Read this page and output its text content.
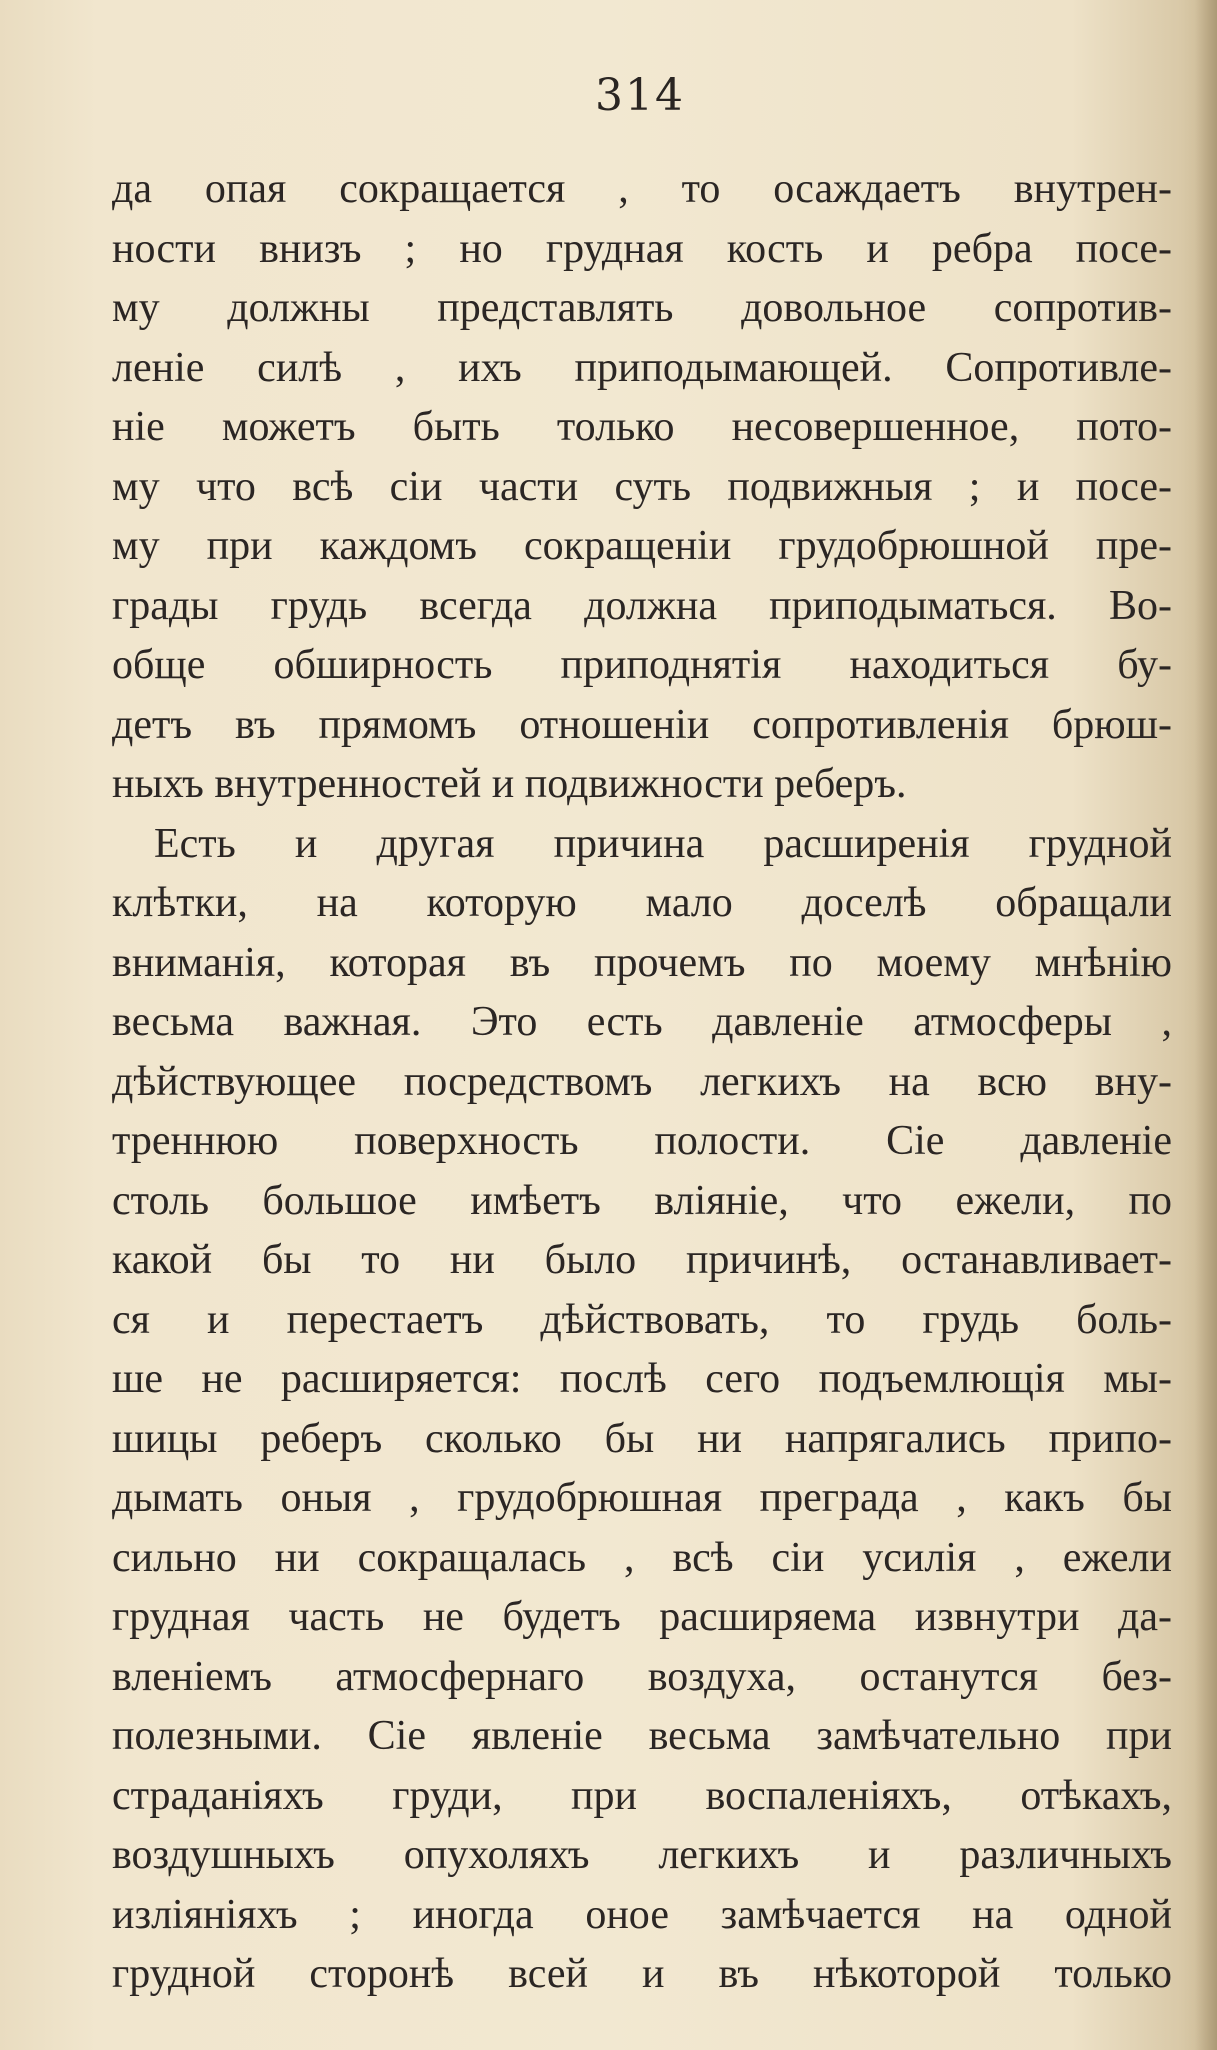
314
да опая сокращается , то осаждаетъ внутрен-
ности внизъ ; но грудная кость и ребра посе-
му должны представлять довольное сопротив-
леніе силѣ , ихъ приподымающей. Сопротивле-
ніе можетъ быть только несовершенное, пото-
му что всѣ сіи части суть подвижныя ; и посе-
му при каждомъ сокращеніи грудобрюшной пре-
грады грудь всегда должна приподыматься. Во-
обще обширность приподнятія находиться бу-
детъ въ прямомъ отношеніи сопротивленія брюш-
ныхъ внутренностей и подвижности реберъ.
Есть и другая причина расширенія грудной
клѣтки, на которую мало доселѣ обращали
вниманія, которая въ прочемъ по моему мнѣнію
весьма важная. Это есть давленіе атмосферы ,
дѣйствующее посредствомъ легкихъ на всю вну-
треннюю поверхность полости. Сіе давленіе
столь большое имѣетъ вліяніе, что ежели, по
какой бы то ни было причинѣ, останавливает-
ся и перестаетъ дѣйствовать, то грудь боль-
ше не расширяется: послѣ сего подъемлющія мы-
шицы реберъ сколько бы ни напрягались припо-
дымать оныя , грудобрюшная преграда , какъ бы
сильно ни сокращалась , всѣ сіи усилія , ежели
грудная часть не будетъ расширяема извнутри да-
вленіемъ атмосфернаго воздуха, останутся без-
полезными. Сіе явленіе весьма замѣчательно при
страданіяхъ груди, при воспаленіяхъ, отѣкахъ,
воздушныхъ опухоляхъ легкихъ и различныхъ
изліяніяхъ ; иногда оное замѣчается на одной
грудной сторонѣ всей и въ нѣкоторой только
